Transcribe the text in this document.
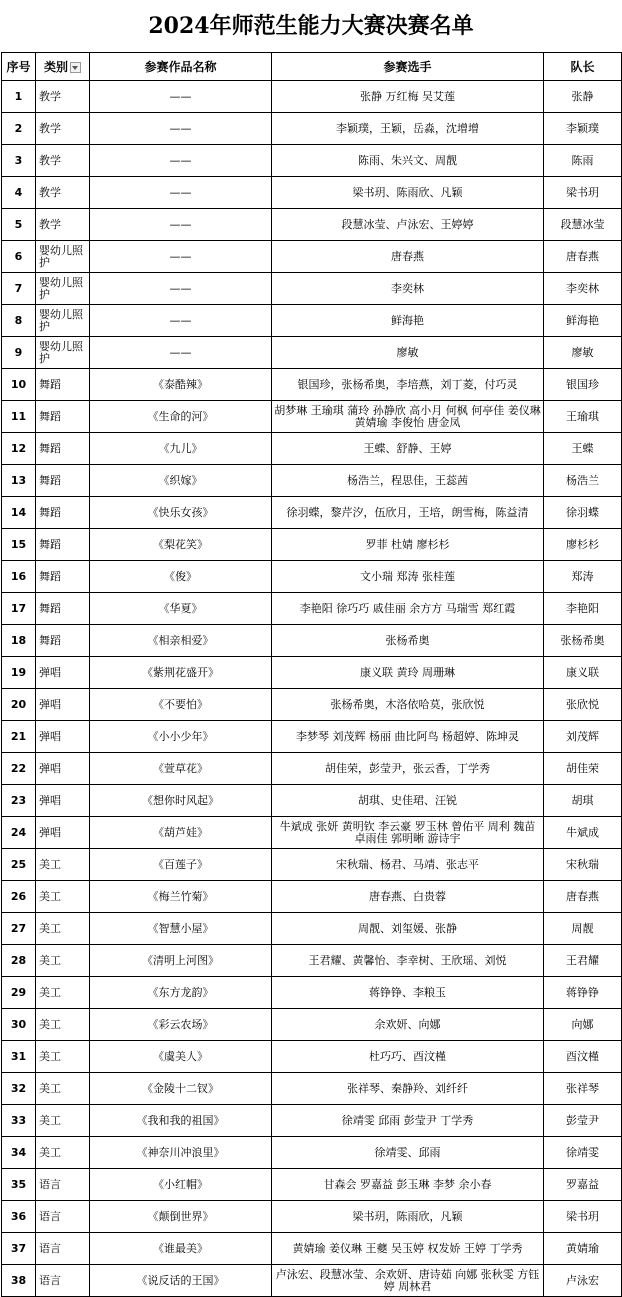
2024年师范生能力大赛决赛名单
序号	类别	参赛作品名称	参赛选手	队长
1	教学	——	张静 万红梅 吴艾莲	张静
2	教学	——	李颖璞，王颖，岳淼，沈增增	李颖璞
3	教学	——	陈雨、朱兴文、周靓	陈雨
4	教学	——	梁书玥、陈雨欣、凡颖	梁书玥
5	教学	——	段慧冰莹、卢泳宏、王婷婷	段慧冰莹
6	婴幼儿照护	——	唐春燕	唐春燕
7	婴幼儿照护	——	李奕林	李奕林
8	婴幼儿照护	——	鲜海艳	鲜海艳
9	婴幼儿照护	——	廖敏	廖敏
10	舞蹈	《泰酷辣》	银国珍，张杨希奥，李培燕，刘丁菱，付巧灵	银国珍
11	舞蹈	《生命的河》	胡梦琳 王瑜琪 蒲玲 孙静欣 高小月 何枫 何亭佳 姜仪琳 黄婧瑜 李俊怡 唐金凤	王瑜琪
12	舞蹈	《九儿》	王蝶、舒静、王婷	王蝶
13	舞蹈	《织嫁》	杨浩兰，程思佳，王蕊茜	杨浩兰
14	舞蹈	《快乐女孩》	徐羽蝶，黎芹汐，伍欣月，王培，朗雪梅，陈益清	徐羽蝶
15	舞蹈	《梨花笑》	罗菲 杜婧 廖杉杉	廖杉杉
16	舞蹈	《俊》	文小瑞 郑涛 张桂莲	郑涛
17	舞蹈	《华夏》	李艳阳 徐巧巧 戚佳丽 余方方 马瑞雪 郑红霞	李艳阳
18	舞蹈	《相亲相爱》	张杨希奥	张杨希奥
19	弹唱	《紫荆花盛开》	康义联 黄玲 周珊琳	康义联
20	弹唱	《不要怕》	张杨希奥，木洛依哈莫，张欣悦	张欣悦
21	弹唱	《小小少年》	李梦琴 刘茂辉 杨丽 曲比阿鸟 杨超婷、陈坤灵	刘茂辉
22	弹唱	《萱草花》	胡佳荣，彭莹尹，张云香，丁学秀	胡佳荣
23	弹唱	《想你时风起》	胡琪、史佳珺、汪锐	胡琪
24	弹唱	《葫芦娃》	牛斌成 张妍 黄明钦 李云豪 罗玉林 曾佑平 周利 魏苗 卓雨佳 郭明晰 游诗宇	牛斌成
25	美工	《百莲子》	宋秋瑞、杨君、马靖、张志平	宋秋瑞
26	美工	《梅兰竹菊》	唐春燕、白贵蓉	唐春燕
27	美工	《智慧小屋》	周靓、刘玺媛、张静	周靓
28	美工	《清明上河图》	王君耀、黄馨怡、李幸树、王欣瑶、刘悦	王君耀
29	美工	《东方龙韵》	蒋铮铮、李粮玉	蒋铮铮
30	美工	《彩云农场》	余欢妍、向娜	向娜
31	美工	《虞美人》	杜巧巧、酉汶槿	酉汶槿
32	美工	《金陵十二钗》	张祥琴、秦静羚、刘纤纤	张祥琴
33	美工	《我和我的祖国》	徐靖雯 邱雨 彭莹尹 丁学秀	彭莹尹
34	美工	《神奈川冲浪里》	徐靖雯、邱雨	徐靖雯
35	语言	《小红帽》	甘森会 罗嘉益 彭玉琳 李梦 余小春	罗嘉益
36	语言	《颠倒世界》	梁书玥，陈雨欣，凡颖	梁书玥
37	语言	《谁最美》	黄婧瑜 姜仪琳 王夔 吴玉婷 权发娇 王婷 丁学秀	黄婧瑜
38	语言	《说反话的王国》	卢泳宏、段慧冰莹、余欢妍、唐诗茹 向娜 张秋雯 方钰婷 周林君	卢泳宏
